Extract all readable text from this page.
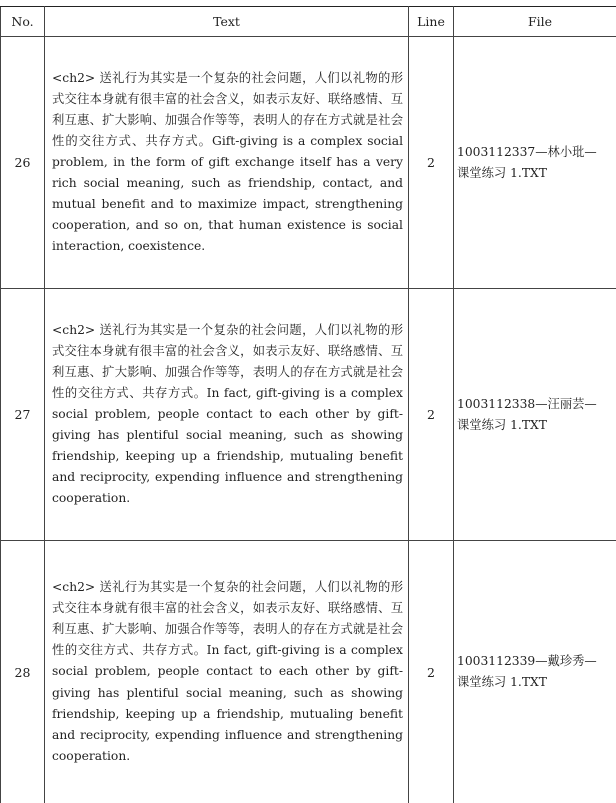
No.	Text	Line	File
26	<ch2> 送礼行为其实是一个复杂的社会问题，人们以礼物的形式交往本身就有很丰富的社会含义，如表示友好、联络感情、互利互惠、扩大影响、加强合作等等，表明人的存在方式就是社会性的交往方式、共存方式。Gift-giving is a complex social problem, in the form of gift exchange itself has a very rich social meaning, such as friendship, contact, and mutual benefit and to maximize impact, strengthening cooperation, and so on, that human existence is social interaction, coexistence.	2	1003112337—林小玭—
课堂练习 1.TXT

27	<ch2> 送礼行为其实是一个复杂的社会问题，人们以礼物的形式交往本身就有很丰富的社会含义，如表示友好、联络感情、互利互惠、扩大影响、加强合作等等，表明人的存在方式就是社会性的交往方式、共存方式。In fact, gift-giving is a complex social problem, people contact to each other by gift-giving has plentiful social meaning, such as showing friendship, keeping up a friendship, mutualing benefit and reciprocity, expending influence and strengthening cooperation.	2	1003112338—汪丽芸—
课堂练习 1.TXT

28	<ch2> 送礼行为其实是一个复杂的社会问题，人们以礼物的形式交往本身就有很丰富的社会含义，如表示友好、联络感情、互利互惠、扩大影响、加强合作等等，表明人的存在方式就是社会性的交往方式、共存方式。In fact, gift-giving is a complex social problem, people contact to each other by gift-giving has plentiful social meaning, such as showing friendship, keeping up a friendship, mutualing benefit and reciprocity, expending influence and strengthening cooperation.	2	1003112339—戴珍秀—
课堂练习 1.TXT
